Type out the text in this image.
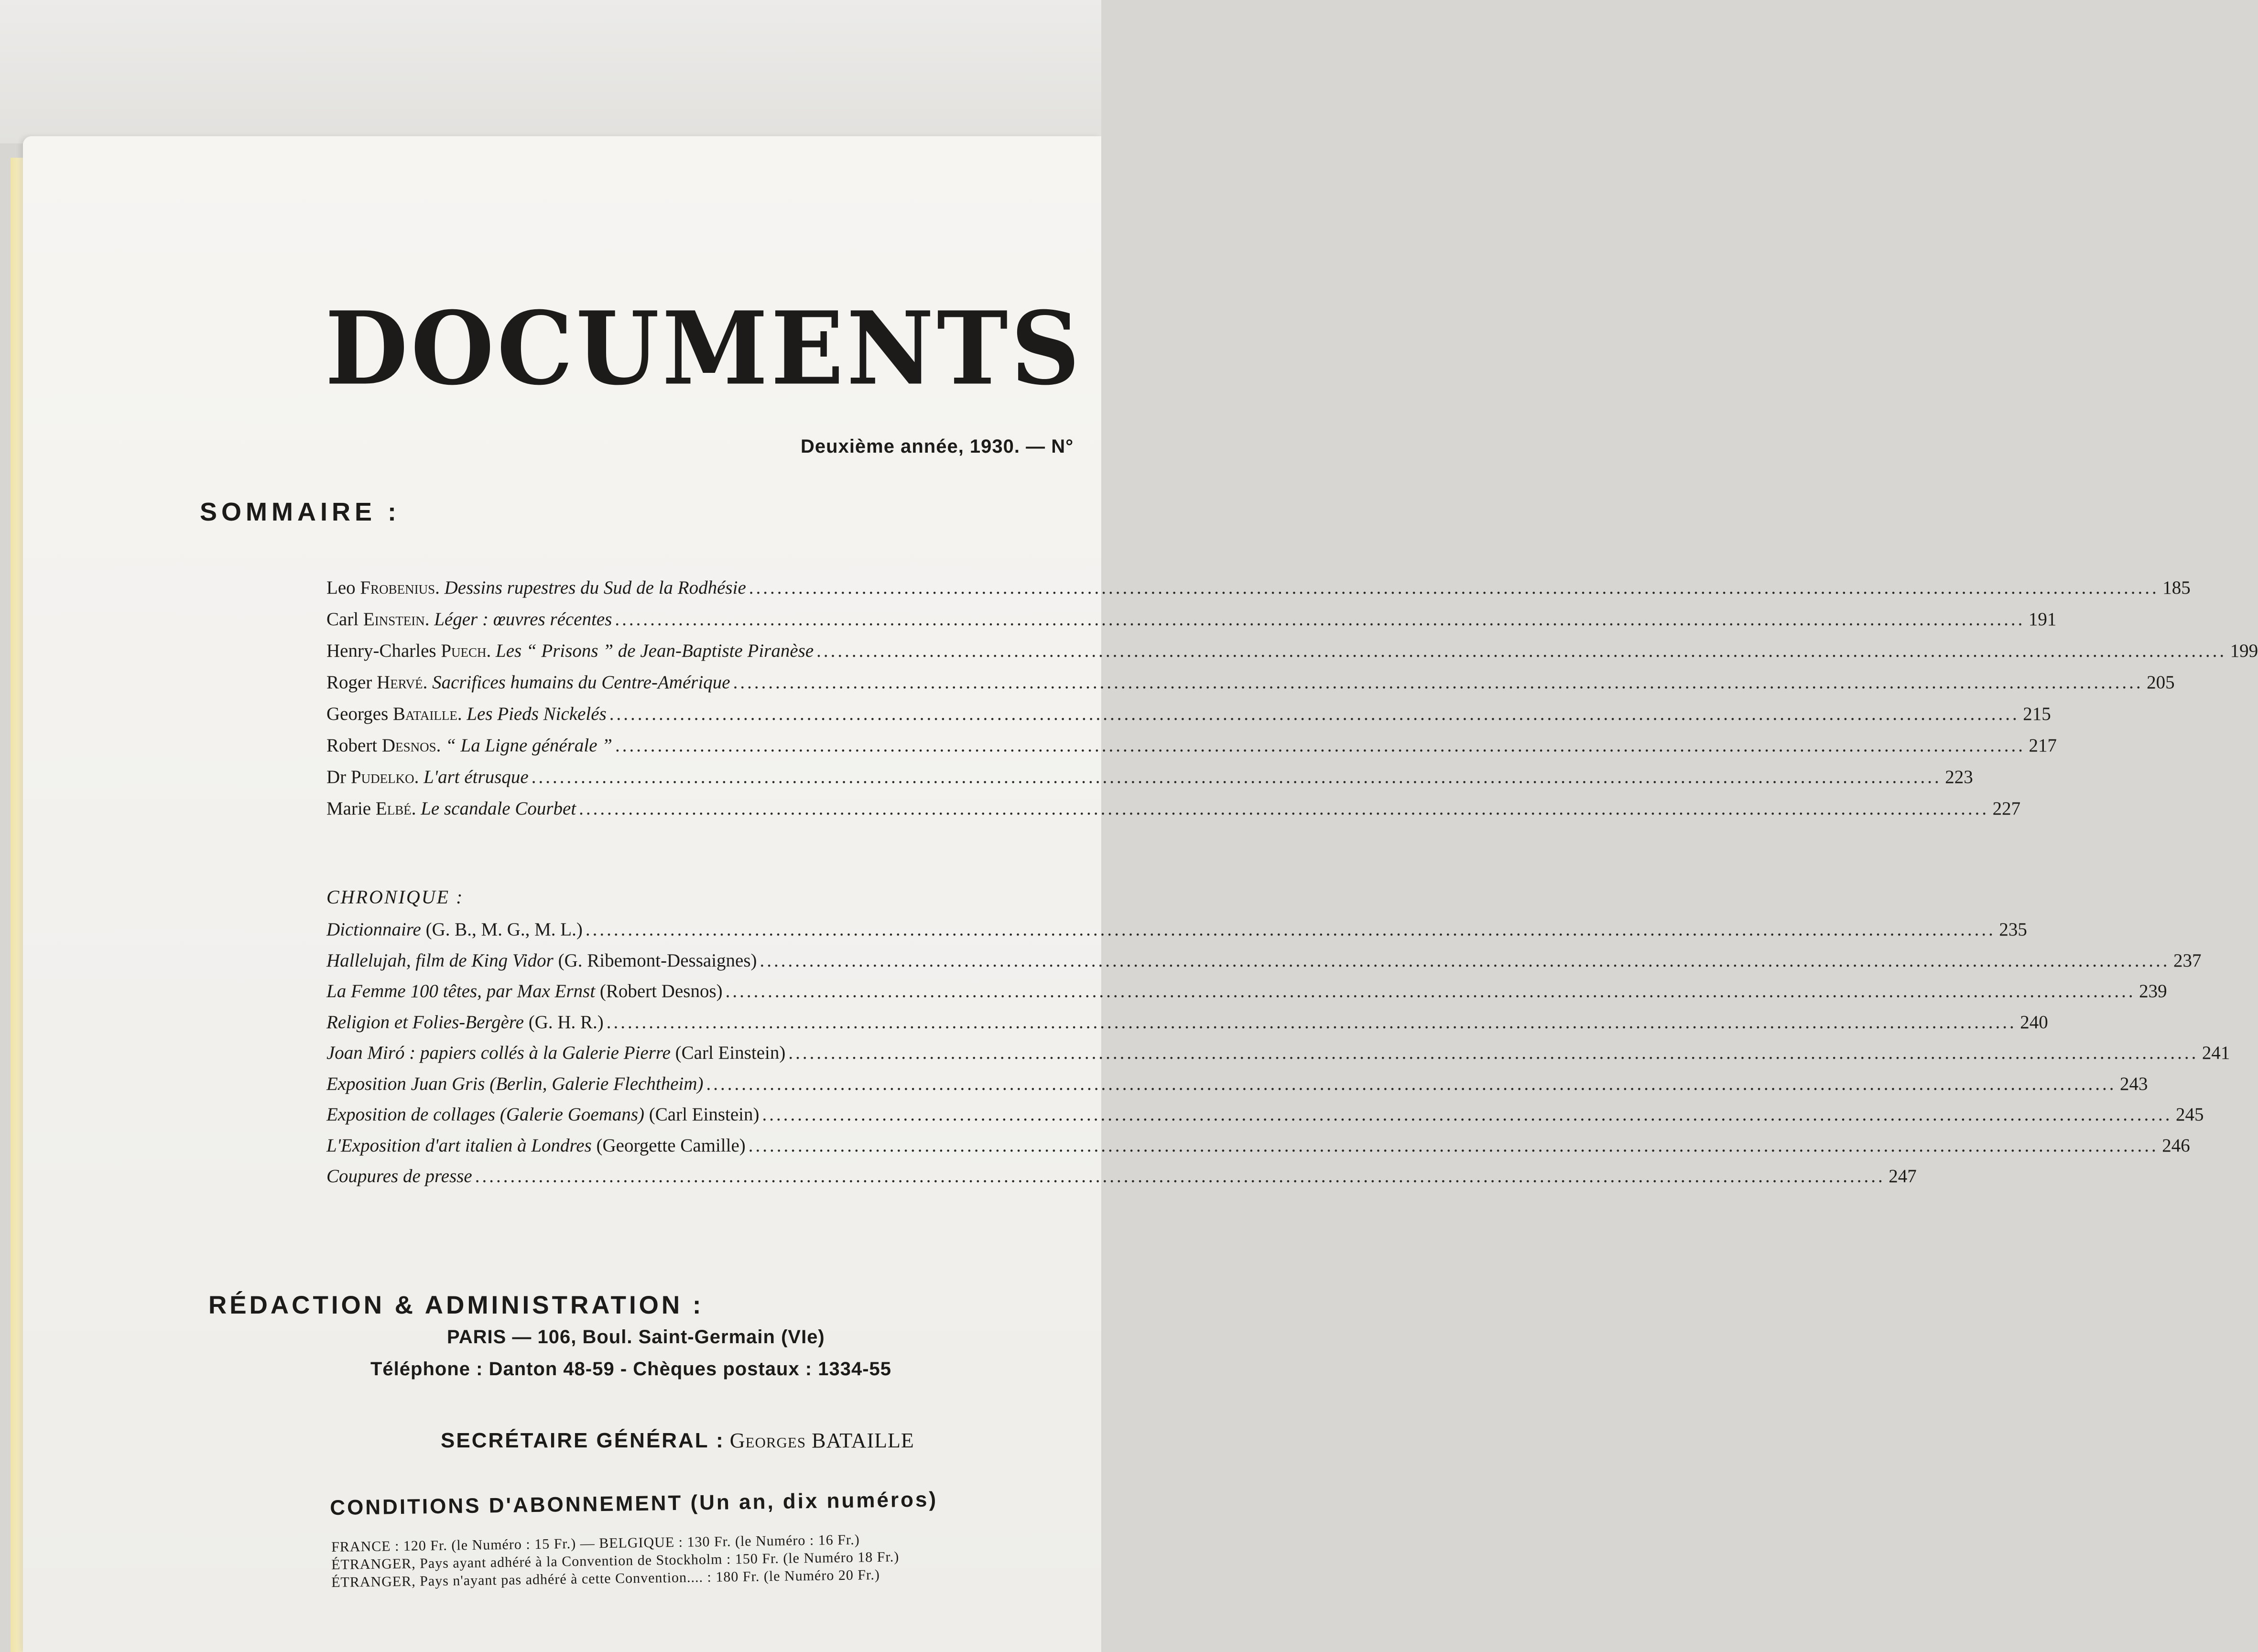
DOCUMENTS
Deuxième année, 1930. — N°
SOMMAIRE :
Leo Frobenius. Dessins rupestres du Sud de la Rodhésie ........................................................................................................................................................................................................ 185
Carl Einstein. Léger : œuvres récentes ........................................................................................................................................................................................................ 191
Henry-Charles Puech. Les “ Prisons ” de Jean-Baptiste Piranèse ........................................................................................................................................................................................................ 199
Roger Hervé. Sacrifices humains du Centre-Amérique ........................................................................................................................................................................................................ 205
Georges Bataille. Les Pieds Nickelés ........................................................................................................................................................................................................ 215
Robert Desnos. “ La Ligne générale ” ........................................................................................................................................................................................................ 217
Dr Pudelko. L'art étrusque ........................................................................................................................................................................................................ 223
Marie Elbé. Le scandale Courbet ........................................................................................................................................................................................................ 227
CHRONIQUE :
Dictionnaire (G. B., M. G., M. L.) ........................................................................................................................................................................................................ 235
Hallelujah, film de King Vidor (G. Ribemont-Dessaignes) ........................................................................................................................................................................................................ 237
La Femme 100 têtes, par Max Ernst (Robert Desnos) ........................................................................................................................................................................................................ 239
Religion et Folies-Bergère (G. H. R.) ........................................................................................................................................................................................................ 240
Joan Miró : papiers collés à la Galerie Pierre (Carl Einstein) ........................................................................................................................................................................................................ 241
Exposition Juan Gris (Berlin, Galerie Flechtheim) ........................................................................................................................................................................................................ 243
Exposition de collages (Galerie Goemans) (Carl Einstein) ........................................................................................................................................................................................................ 245
L'Exposition d'art italien à Londres (Georgette Camille) ........................................................................................................................................................................................................ 246
Coupures de presse ........................................................................................................................................................................................................ 247
RÉDACTION & ADMINISTRATION :
PARIS — 106, Boul. Saint-Germain (VIe)
Téléphone : Danton 48-59 - Chèques postaux : 1334-55
SECRÉTAIRE GÉNÉRAL : Georges BATAILLE
CONDITIONS D'ABONNEMENT (Un an, dix numéros)
FRANCE : 120 Fr. (le Numéro : 15 Fr.) — BELGIQUE : 130 Fr. (le Numéro : 16 Fr.)
ÉTRANGER, Pays ayant adhéré à la Convention de Stockholm : 150 Fr. (le Numéro 18 Fr.)
ÉTRANGER, Pays n'ayant pas adhéré à cette Convention.... : 180 Fr. (le Numéro 20 Fr.)
